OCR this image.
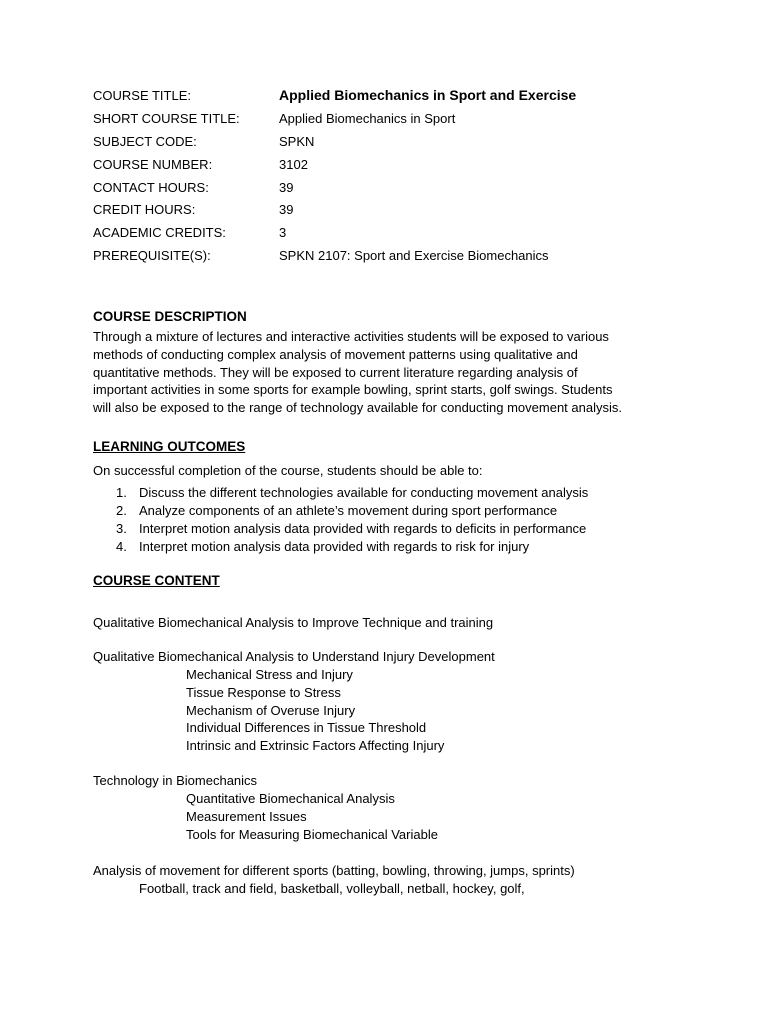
COURSE TITLE:	Applied Biomechanics in Sport and Exercise
SHORT COURSE TITLE:	Applied Biomechanics in Sport
SUBJECT CODE:	SPKN
COURSE NUMBER:	3102
CONTACT HOURS:	39
CREDIT HOURS:	39
ACADEMIC CREDITS:	3
PREREQUISITE(S):	SPKN 2107: Sport and Exercise Biomechanics
COURSE DESCRIPTION
Through a mixture of lectures and interactive activities students will be exposed to various
methods of conducting complex analysis of movement patterns using qualitative and
quantitative methods. They will be exposed to current literature regarding analysis of
important activities in some sports for example bowling, sprint starts, golf swings. Students
will also be exposed to the range of technology available for conducting movement analysis.
LEARNING OUTCOMES
On successful completion of the course, students should be able to:
1. Discuss the different technologies available for conducting movement analysis
2. Analyze components of an athlete’s movement during sport performance
3. Interpret motion analysis data provided with regards to deficits in performance
4. Interpret motion analysis data provided with regards to risk for injury
COURSE CONTENT
Qualitative Biomechanical Analysis to Improve Technique and training
Qualitative Biomechanical Analysis to Understand Injury Development
Mechanical Stress and Injury
Tissue Response to Stress
Mechanism of Overuse Injury
Individual Differences in Tissue Threshold
Intrinsic and Extrinsic Factors Affecting Injury
Technology in Biomechanics
Quantitative Biomechanical Analysis
Measurement Issues
Tools for Measuring Biomechanical Variable
Analysis of movement for different sports (batting, bowling, throwing, jumps, sprints)
Football, track and field, basketball, volleyball, netball, hockey, golf,
